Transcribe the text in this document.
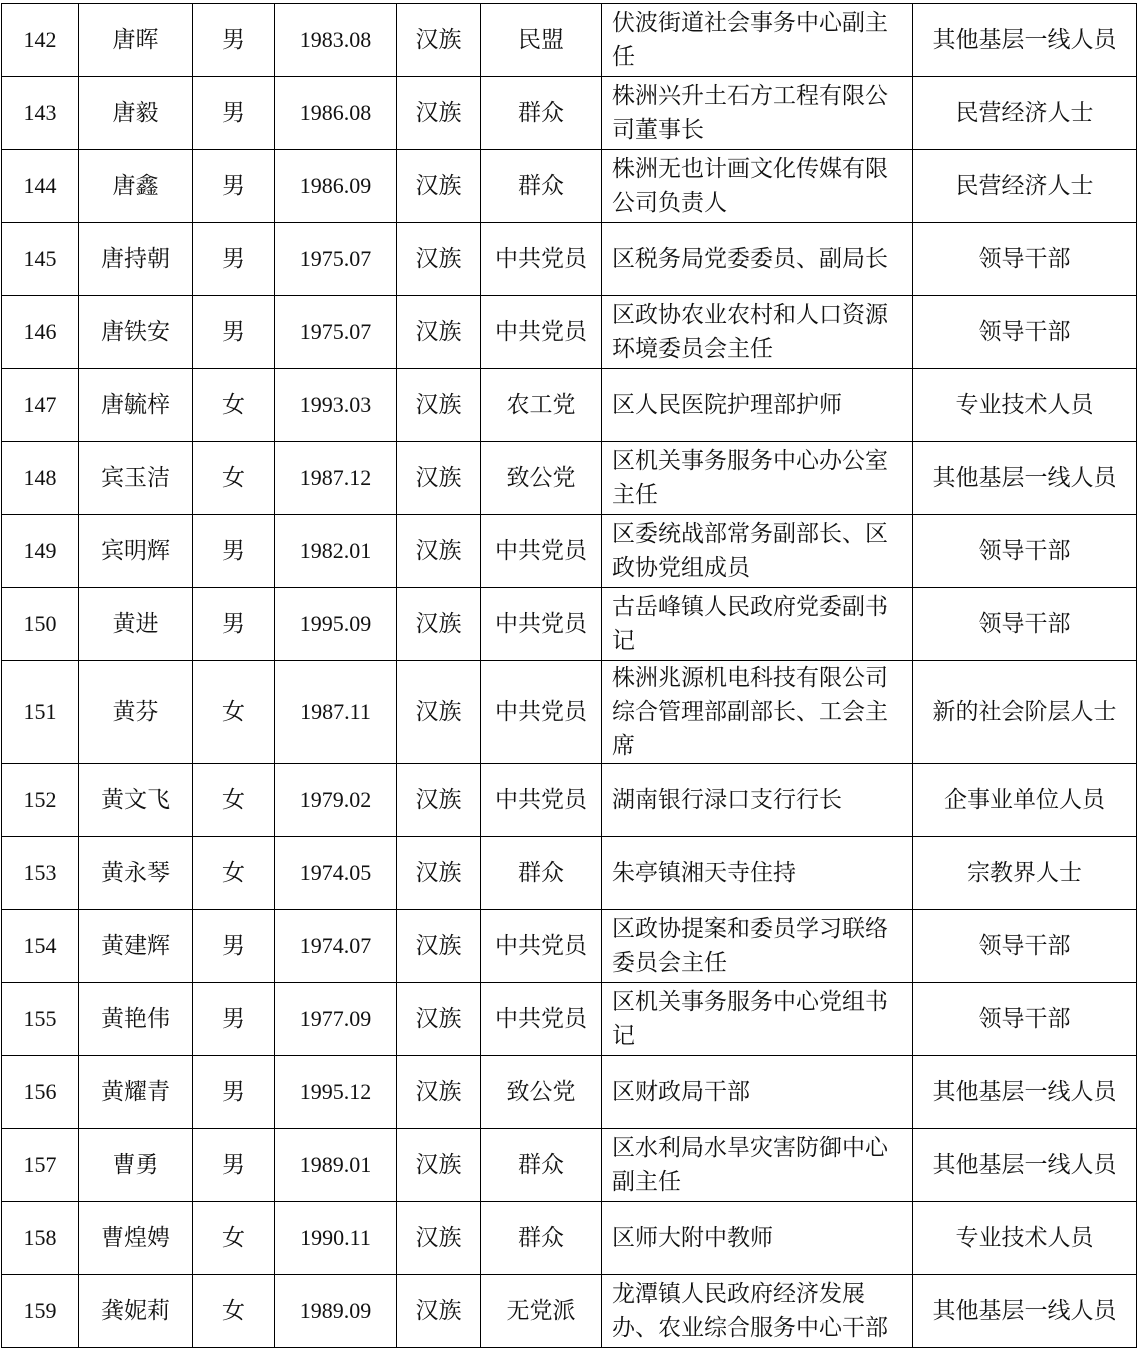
142	唐晖	男	1983.08	汉族	民盟	伏波街道社会事务中心副主任	其他基层一线人员
143	唐毅	男	1986.08	汉族	群众	株洲兴升土石方工程有限公司董事长	民营经济人士
144	唐鑫	男	1986.09	汉族	群众	株洲无也计画文化传媒有限公司负责人	民营经济人士
145	唐持朝	男	1975.07	汉族	中共党员	区税务局党委委员、副局长	领导干部
146	唐铁安	男	1975.07	汉族	中共党员	区政协农业农村和人口资源环境委员会主任	领导干部
147	唐毓梓	女	1993.03	汉族	农工党	区人民医院护理部护师	专业技术人员
148	宾玉洁	女	1987.12	汉族	致公党	区机关事务服务中心办公室主任	其他基层一线人员
149	宾明辉	男	1982.01	汉族	中共党员	区委统战部常务副部长、区政协党组成员	领导干部
150	黄进	男	1995.09	汉族	中共党员	古岳峰镇人民政府党委副书记	领导干部
151	黄芬	女	1987.11	汉族	中共党员	株洲兆源机电科技有限公司综合管理部副部长、工会主席	新的社会阶层人士
152	黄文飞	女	1979.02	汉族	中共党员	湖南银行渌口支行行长	企事业单位人员
153	黄永琴	女	1974.05	汉族	群众	朱亭镇湘天寺住持	宗教界人士
154	黄建辉	男	1974.07	汉族	中共党员	区政协提案和委员学习联络委员会主任	领导干部
155	黄艳伟	男	1977.09	汉族	中共党员	区机关事务服务中心党组书记	领导干部
156	黄耀青	男	1995.12	汉族	致公党	区财政局干部	其他基层一线人员
157	曹勇	男	1989.01	汉族	群众	区水利局水旱灾害防御中心副主任	其他基层一线人员
158	曹煌娉	女	1990.11	汉族	群众	区师大附中教师	专业技术人员
159	龚妮莉	女	1989.09	汉族	无党派	龙潭镇人民政府经济发展办、农业综合服务中心干部	其他基层一线人员
